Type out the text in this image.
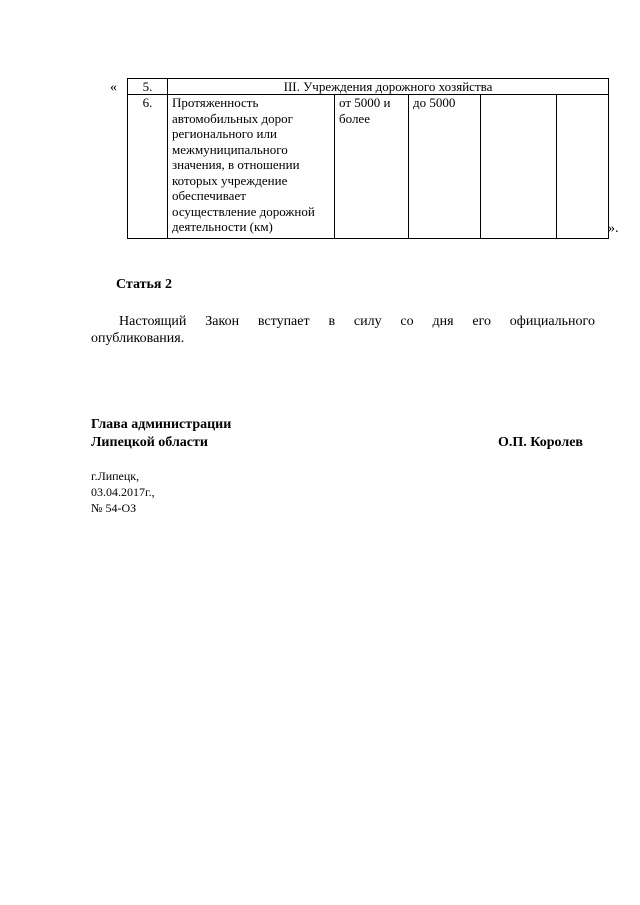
« 5.	III. Учреждения дорожного хозяйства				
6.	Протяженность автомобильных дорог регионального или межмуниципального значения, в отношении которых учреждение обеспечивает осуществление дорожной деятельности (км)	от 5000 и более	до 5000		
».
Статья 2
Настоящий Закон вступает в силу со дня его официального
опубликования.
Глава администрации
Липецкой области	О.П. Королев
г.Липецк,
03.04.2017г.,
№ 54-ОЗ
